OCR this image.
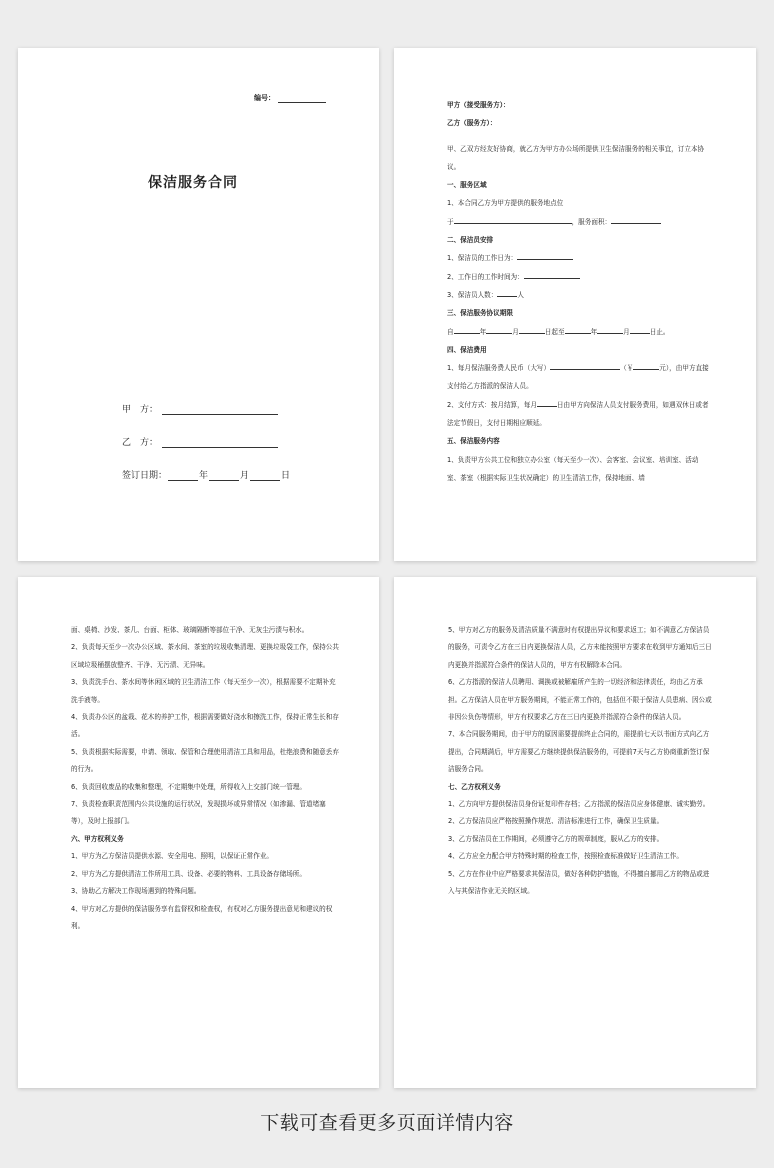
编号：
保洁服务合同
甲　方：
乙　方：
签订日期：	年	月	日

甲方（接受服务方）：

乙方（服务方）：

甲、乙双方经友好协商，就乙方为甲方办公场所提供卫生保洁服务的相关事宜，订立本协议。

一、服务区域

1、本合同乙方为甲方提供的服务地点位

于	，服务面积：

二、保洁员安排

1、保洁员的工作日为：

2、工作日的工作时间为：

3、保洁员人数：	人

三、保洁服务协议期限

自	年	月	日起至	年	月	日止。

四、保洁费用

1、每月保洁服务费人民币（大写）	（￥	元），由甲方直接支付给乙方指派的保洁人员。

2、支付方式：按月结算，每月	日由甲方向保洁人员支付服务费用，如遇双休日或者法定节假日，支付日期相应顺延。

五、保洁服务内容

1、负责甲方公共工位和独立办公室（每天至少一次）、会客室、会议室、培训室、活动室、茶室（根据实际卫生状况确定）的卫生清洁工作，保持地面、墙

面、桌椅、沙发、茶几、台面、柜体、玻璃隔断等部位干净、无灰尘污渍与积水。

2、负责每天至少一次办公区域、茶水间、茶室的垃圾收集清理、更换垃圾袋工作，保持公共区域垃圾桶摆放整齐、干净、无污渍、无异味。

3、负责洗手台、茶水间等休闲区域的卫生清洁工作（每天至少一次），根据需要不定期补充洗手液等。

4、负责办公区的盆栽、花木的养护工作，根据需要做好浇水和擦洗工作，保持正常生长和存活。

5、负责根据实际需要，申请、领取、保管和合理使用清洁工具和用品，杜绝浪费和随意丢弃的行为。

6、负责回收废品的收集和整理，不定期集中处理，所得收入上交部门统一管理。

7、负责检查职责范围内公共设施的运行状况，发现损坏或异常情况（如渗漏、管道堵塞等），及时上报部门。

六、甲方权利义务

1、甲方为乙方保洁员提供水源、安全用电、照明，以保证正常作业。

2、甲方为乙方提供清洁工作所用工具、设备、必要的物料、工具设备存储场所。

3、协助乙方解决工作现场遇到的特殊问题。

4、甲方对乙方提供的保洁服务享有监督权和检查权，有权对乙方服务提出意见和建议的权利。

5、甲方对乙方的服务及清洁质量不满意时有权提出异议和要求返工；如不满意乙方保洁员的服务，可责令乙方在三日内更换保洁人员，乙方未能按照甲方要求在收到甲方通知后三日内更换并指派符合条件的保洁人员的，甲方有权解除本合同。

6、乙方指派的保洁人员聘用、调换或被解雇所产生的一切经济和法律责任，均由乙方承担。乙方保洁人员在甲方服务期间，不能正常工作的，包括但不限于保洁人员患病、因公或非因公负伤等情形，甲方有权要求乙方在三日内更换并指派符合条件的保洁人员。

7、本合同服务期间，由于甲方的原因需要提前终止合同的，需提前七天以书面方式向乙方提出，合同期满后，甲方需要乙方继续提供保洁服务的，可提前7天与乙方协商重新签订保洁服务合同。

七、乙方权利义务

1、乙方向甲方提供保洁员身份证复印件存档；乙方指派的保洁员应身体健康、诚实勤劳。

2、乙方保洁员应严格按照操作规范、清洁标准进行工作，确保卫生质量。

3、乙方保洁员在工作期间，必须遵守乙方的规章制度，服从乙方的安排。

4、乙方应全力配合甲方特殊时期的检查工作，按照检查标准做好卫生清洁工作。

5、乙方在作业中应严格要求其保洁员，做好各种防护措施，不得擅自挪用乙方的物品或进入与其保洁作业无关的区域。

下载可查看更多页面详情内容
